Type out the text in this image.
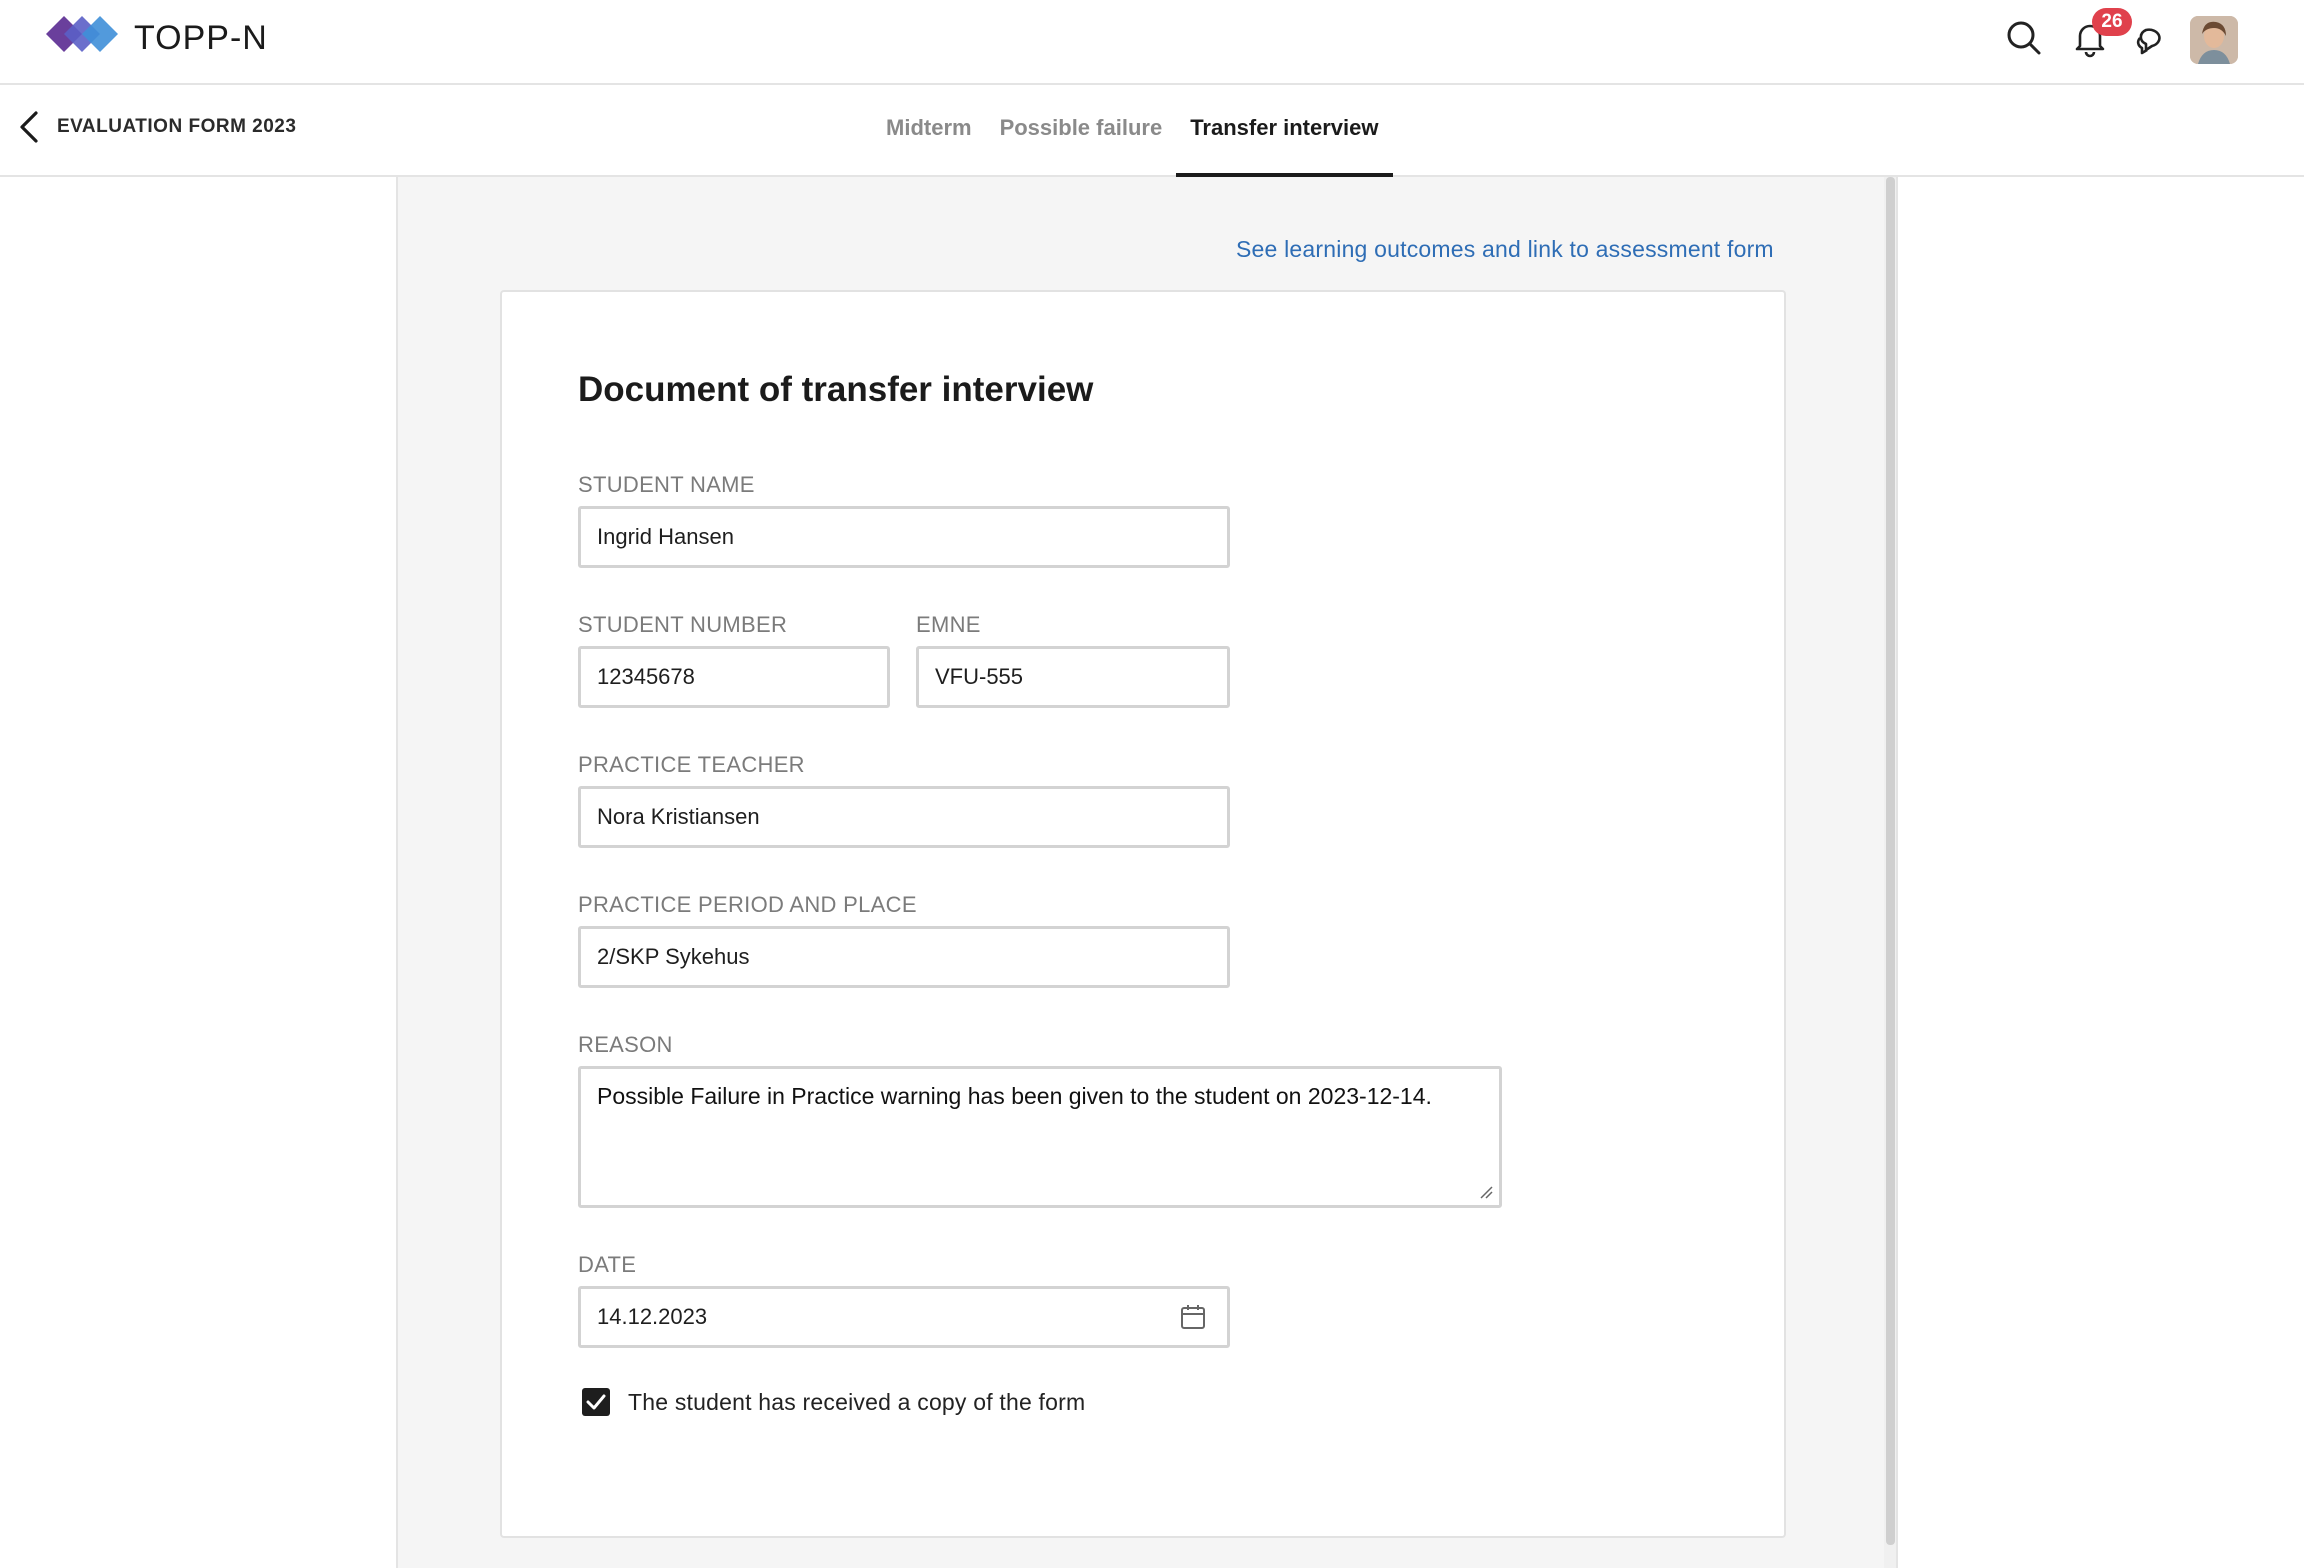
TOPP-N	26
EVALUATION FORM 2023	Midterm	Possible failure	Transfer interview
See learning outcomes and link to assessment form
Document of transfer interview
STUDENT NAME
Ingrid Hansen
STUDENT NUMBER
12345678
EMNE
VFU-555
PRACTICE TEACHER
Nora Kristiansen
PRACTICE PERIOD AND PLACE
2/SKP Sykehus
REASON
Possible Failure in Practice warning has been given to the student on 2023-12-14.
DATE
14.12.2023
The student has received a copy of the form
